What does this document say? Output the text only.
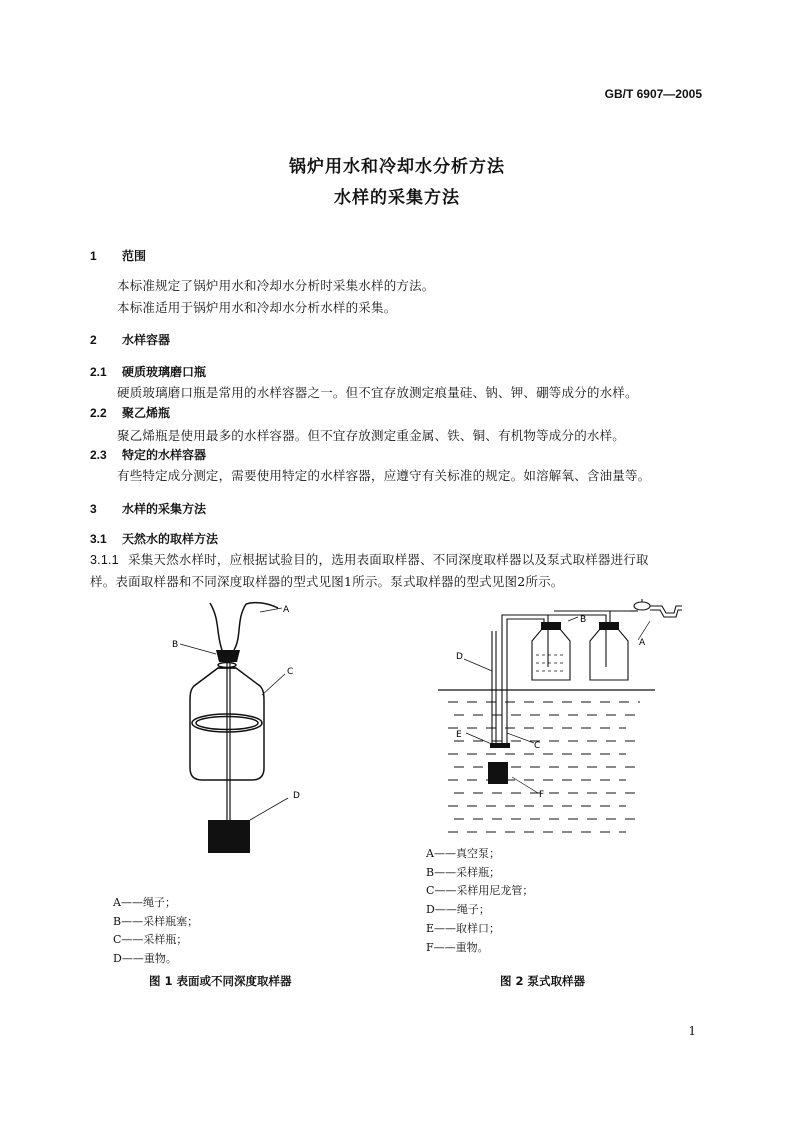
GB/T 6907—2005
锅炉用水和冷却水分析方法
水样的采集方法
1 范围
本标准规定了锅炉用水和冷却水分析时采集水样的方法。
本标准适用于锅炉用水和冷却水分析水样的采集。
2 水样容器
2.1 硬质玻璃磨口瓶
硬质玻璃磨口瓶是常用的水样容器之一。但不宜存放测定痕量硅、钠、钾、硼等成分的水样。
2.2 聚乙烯瓶
聚乙烯瓶是使用最多的水样容器。但不宜存放测定重金属、铁、铜、有机物等成分的水样。
2.3 特定的水样容器
有些特定成分测定，需要使用特定的水样容器，应遵守有关标准的规定。如溶解氧、含油量等。
3 水样的采集方法
3.1 天然水的取样方法
3.1.1 采集天然水样时，应根据试验目的，选用表面取样器、不同深度取样器以及泵式取样器进行取
样。表面取样器和不同深度取样器的型式见图1所示。泵式取样器的型式见图2所示。
A
B
C
D
A——绳子；
B——采样瓶塞；
C——采样瓶；
D——重物。
图 1 表面或不同深度取样器
B
A
D
C
E
F
A——真空泵；
B——采样瓶；
C——采样用尼龙管；
D——绳子；
E——取样口；
F——重物。
图 2 泵式取样器
1
